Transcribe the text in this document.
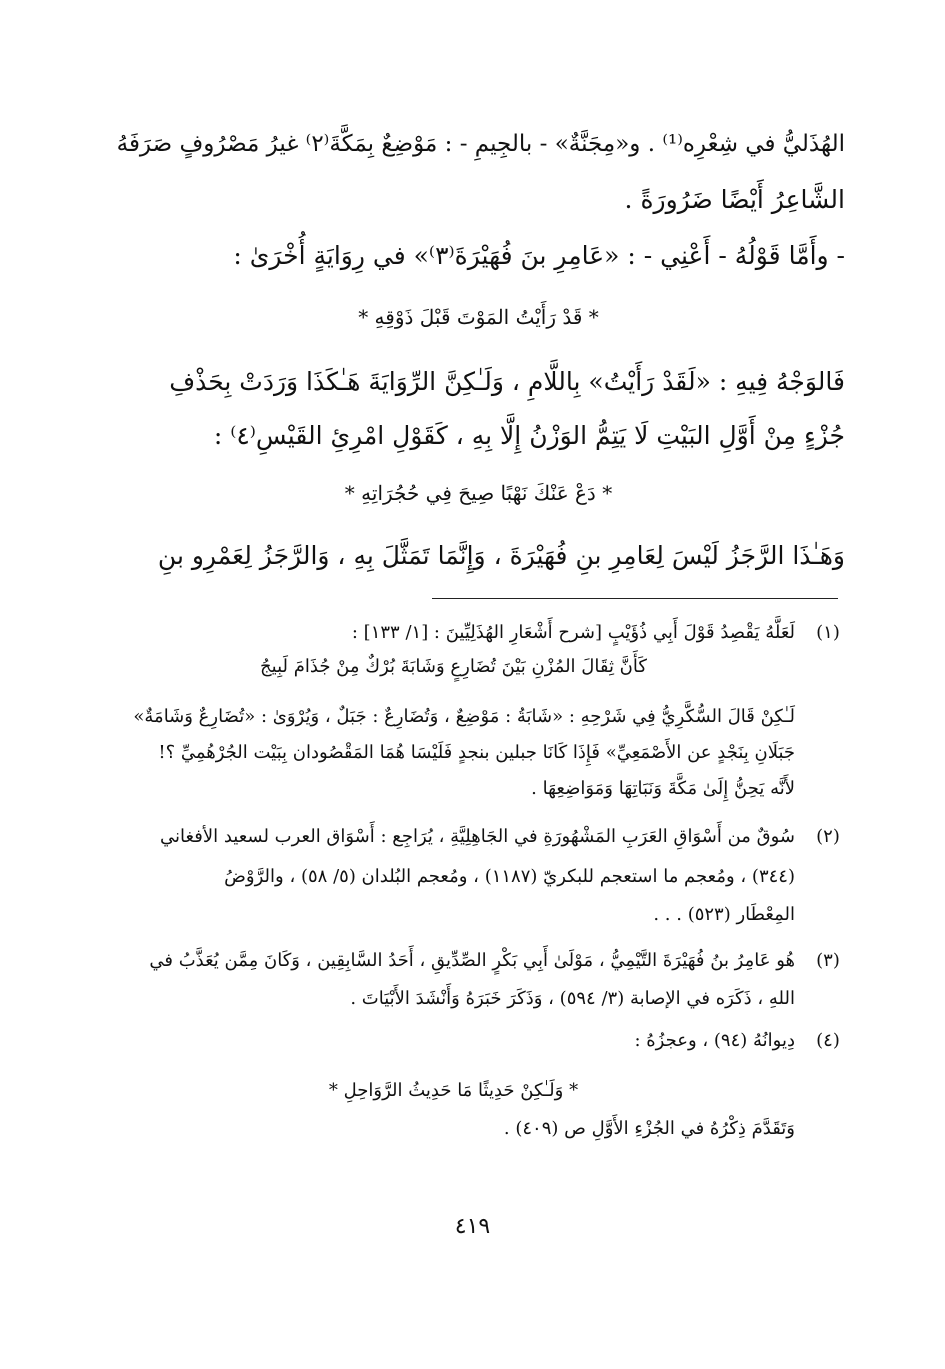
الهُذَليُّ في شِعْرِه⁽¹⁾ . و«مِجَنَّةٌ» - بالجِيمِ - : مَوْضِعٌ بِمَكَّةَ⁽٢⁾ غيرُ مَصْرُوفٍ صَرَفَهُ
الشَّاعِرُ أَيْضًا ضَرُورَةً .
- وأَمَّا قَوْلُهُ - أَعْنِي - : «عَامِرِ بنَ فُهَيْرَةَ⁽٣⁾» في رِوَايَةٍ أُخْرَىٰ :
* قَدْ رَأَيْتُ المَوْتَ قَبْلَ ذَوْقِهِ *
فَالوَجْهُ فِيهِ : «لَقَدْ رَأَيْتُ» بِاللَّامِ ، وَلَـٰكِنَّ الرِّوَايَةَ هَـٰكَذَا وَرَدَتْ بِحَذْفِ
جُزْءٍ مِنْ أَوَّلِ البَيْتِ لَا يَتِمُّ الوَزْنُ إِلَّا بِهِ ، كَقَوْلِ امْرِئِ القَيْسِ⁽٤⁾ :
* دَعْ عَنْكَ نَهْبًا صِيحَ فِي حُجُرَاتِهِ *
وَهَـٰذَا الرَّجَزُ لَيْسَ لِعَامِرِ بنِ فُهَيْرَةَ ، وَإِنَّمَا تَمَثَّلَ بِهِ ، وَالرَّجَزُ لِعَمْرِو بنِ
(١)
لَعَلَّهُ يَقْصِدُ قَوْلَ أَبِي ذُؤَيْبٍ [شرح أَشْعَارِ الهُذَلِيِّينَ : [١/ ١٣٣] :
كَأَنَّ ثِقَالَ المُزْنِ بَيْنَ تُضَارِعٍ وَشَابَةَ بُرْكٌ مِنْ جُذَامَ لَبِيجُ
لَـٰكِنْ قَالَ السُّكَّرِيُّ فِي شَرْحِهِ : «شَابَةُ : مَوْضِعٌ ، وَتُضَارِعٌ : جَبَلٌ ، وَيُرْوَىٰ : «تُضَارِعٌ وَشَامَةٌ»
جَبَلَانِ بِنَجْدٍ عن الأَصْمَعِيِّ» فَإِذَا كَانَا جبلين بنجدٍ فَلَيْسَا هُمَا المَقْصُودان بِبَيْت الجُرْهُمِيِّ ؟!
لأَنَّه يَحِنُّ إِلَىٰ مَكَّةَ وَنَبَاتِهَا وَمَوَاضِعِهَا .
(٢)
سُوقٌ من أَسْوَاقِ العَرَبِ المَشْهُورَةِ في الجَاهِلِيَّةِ ، يُرَاجِع : أَسْوَاق العرب لسعيد الأفغاني
(٣٤٤) ، ومُعجم ما استعجم للبكريّ (١١٨٧) ، ومُعجم البُلدان (٥/ ٥٨) ، والرَّوْضُ
المِعْطَار (٥٢٣) . . .
(٣)
هُو عَامِرُ بنُ فُهَيْرَةَ التَّيْمِيُّ ، مَوْلَىٰ أَبِي بَكْرٍ الصِّدِّيقِ ، أَحَدُ السَّابِقِين ، وَكَانَ مِمَّن يُعَذَّبُ في
اللهِ ، ذَكَرَه في الإصابة (٣/ ٥٩٤) ، وَذَكَرَ خَبَرَهُ وَأَنْشَدَ الأَبْيَاتَ .
(٤)
دِيوانُهُ (٩٤) ، وعجزُهُ :
* وَلَـٰكِنْ حَدِيثًا مَا حَدِيثُ الرَّوَاحِلِ *
وَتَقَدَّمَ ذِكْرُهُ في الجُزْءِ الأَوَّلِ ص (٤٠٩) .
٤١٩
